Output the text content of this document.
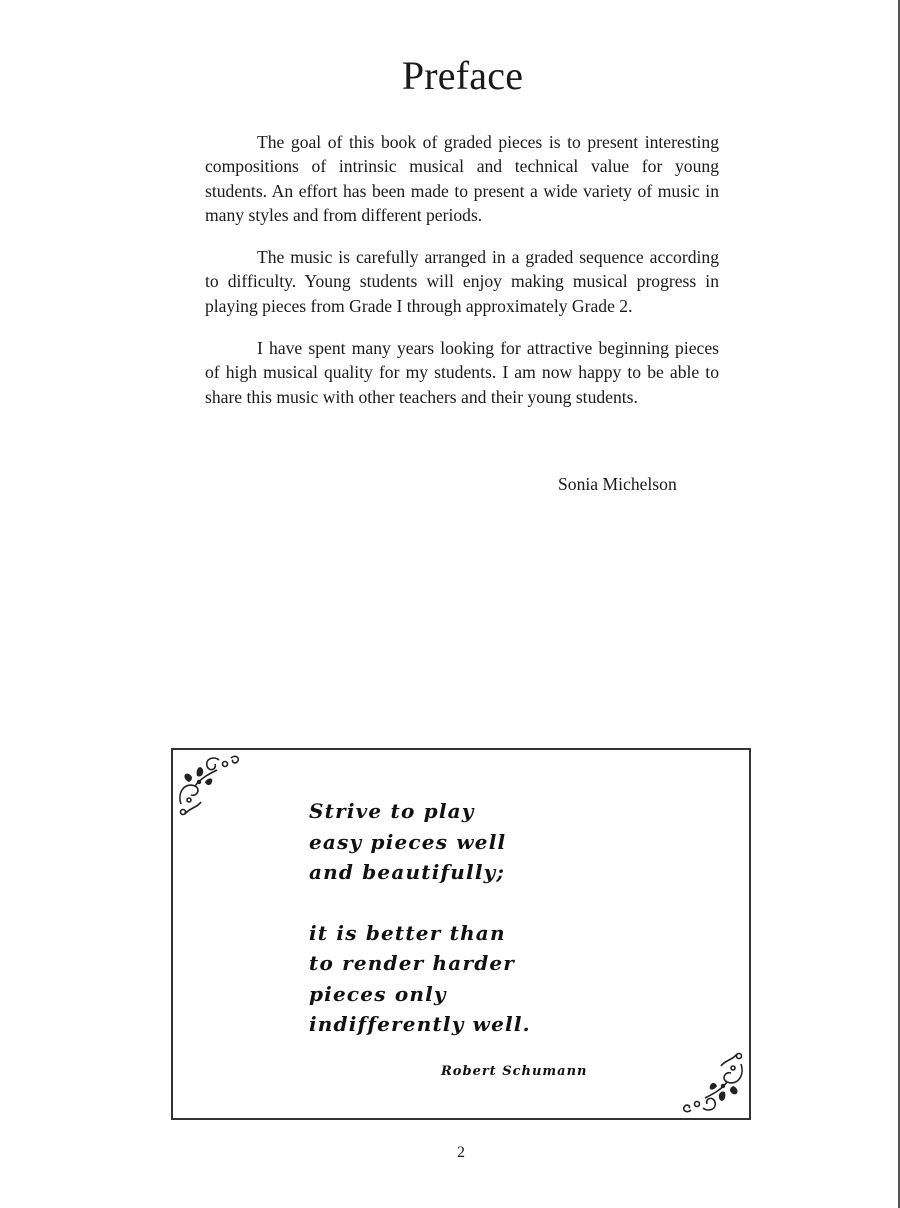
Preface

The goal of this book of graded pieces is to present interesting compositions of intrinsic musical and technical value for young students. An effort has been made to present a wide variety of music in many styles and from different periods.

The music is carefully arranged in a graded sequence according to difficulty. Young students will enjoy making musical progress in playing pieces from Grade I through approximately Grade 2.

I have spent many years looking for attractive beginning pieces of high musical quality for my students. I am now happy to be able to share this music with other teachers and their young students.

Sonia Michelson
Strive to play
easy pieces well
and beautifully;
it is better than
to render harder
pieces only
indifferently well.
Robert Schumann
2
